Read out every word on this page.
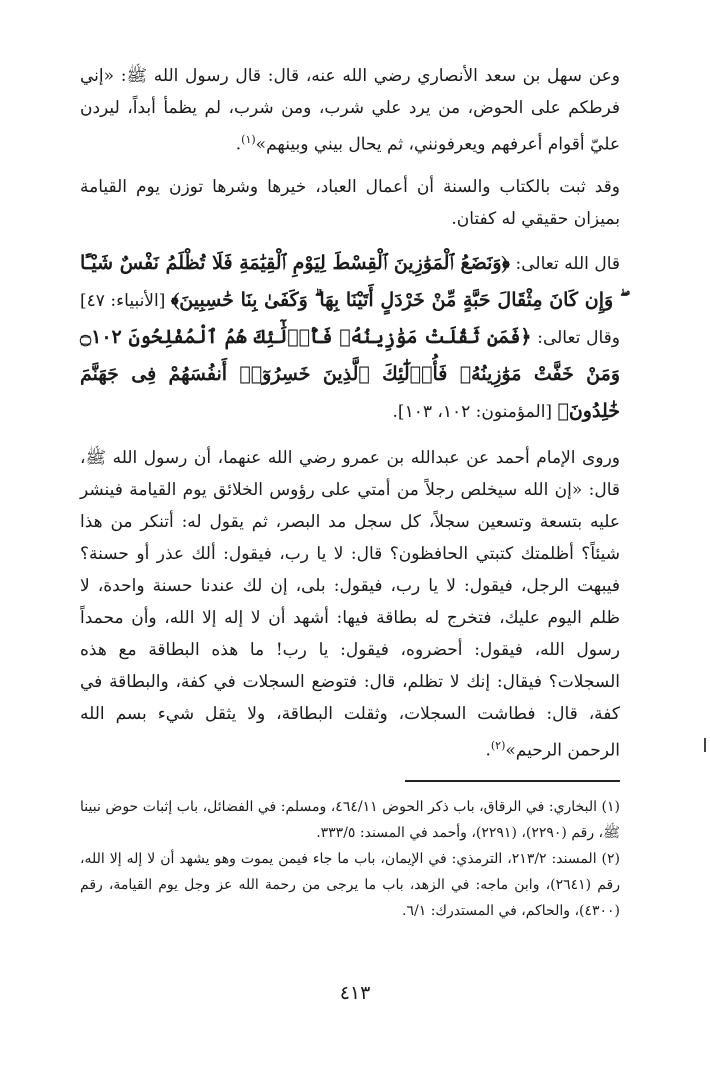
وعن سهل بن سعد الأنصاري رضي الله عنه، قال: قال رسول الله ﷺ: «إني فرطكم على الحوض، من يرد علي شرب، ومن شرب، لم يظمأ أبداً، ليردن عليّ أقوام أعرفهم ويعرفونني، ثم يحال بيني وبينهم»$^{(١)}$.

وقد ثبت بالكتاب والسنة أن أعمال العباد، خيرها وشرها توزن يوم القيامة بميزان حقيقي له كفتان.

قال الله تعالى: ﴿وَنَضَعُ ٱلْمَوَٰزِينَ ٱلْقِسْطَ لِيَوْمِ ٱلْقِيَٰمَةِ فَلَا تُظْلَمُ نَفْسٌ شَيْـًٔا ۖ وَإِن كَانَ مِثْقَالَ حَبَّةٍ مِّنْ خَرْدَلٍ أَتَيْنَا بِهَا ۗ وَكَفَىٰ بِنَا حَٰسِبِينَ﴾ [الأنبياء: ٤٧] وقال تعالى: ﴿فَمَن ثَقُلَتْ مَوَٰزِينُهُۥ فَأُو۟لَٰٓئِكَ هُمُ ٱلْمُفْلِحُونَ ۝١٠٢ وَمَنْ خَفَّتْ مَوَٰزِينُهُۥ فَأُو۟لَٰٓئِكَ ٱلَّذِينَ خَسِرُوٓا۟ أَنفُسَهُمْ فِى جَهَنَّمَ خَٰلِدُونَ﴾ [المؤمنون: ١٠٢، ١٠٣].

وروى الإمام أحمد عن عبدالله بن عمرو رضي الله عنهما، أن رسول الله ﷺ، قال: «إن الله سيخلص رجلاً من أمتي على رؤوس الخلائق يوم القيامة فينشر عليه بتسعة وتسعين سجلاً، كل سجل مد البصر، ثم يقول له: أتنكر من هذا شيئاً؟ أظلمتك كتبتي الحافظون؟ قال: لا يا رب، فيقول: ألك عذر أو حسنة؟ فيبهت الرجل، فيقول: لا يا رب، فيقول: بلى، إن لك عندنا حسنة واحدة، لا ظلم اليوم عليك، فتخرج له بطاقة فيها: أشهد أن لا إله إلا الله، وأن محمداً رسول الله، فيقول: أحضروه، فيقول: يا رب! ما هذه البطاقة مع هذه السجلات؟ فيقال: إنك لا تظلم، قال: فتوضع السجلات في كفة، والبطاقة في كفة، قال: فطاشت السجلات، وثقلت البطاقة، ولا يثقل شيء بسم الله الرحمن الرحيم»$^{(٢)}$.

(١) البخاري: في الرقاق، باب ذكر الحوض ٤٦٤/١١، ومسلم: في الفضائل، باب إثبات حوض نبينا ﷺ، رقم (٢٢٩٠)، (٢٢٩١)، وأحمد في المسند: ٣٣٣/٥.

(٢) المسند: ٢١٣/٢، الترمذي: في الإيمان، باب ما جاء فيمن يموت وهو يشهد أن لا إله إلا الله، رقم (٢٦٤١)، وابن ماجه: في الزهد، باب ما يرجى من رحمة الله عز وجل يوم القيامة، رقم (٤٣٠٠)، والحاكم، في المستدرك: ٦/١.

٤١٣
